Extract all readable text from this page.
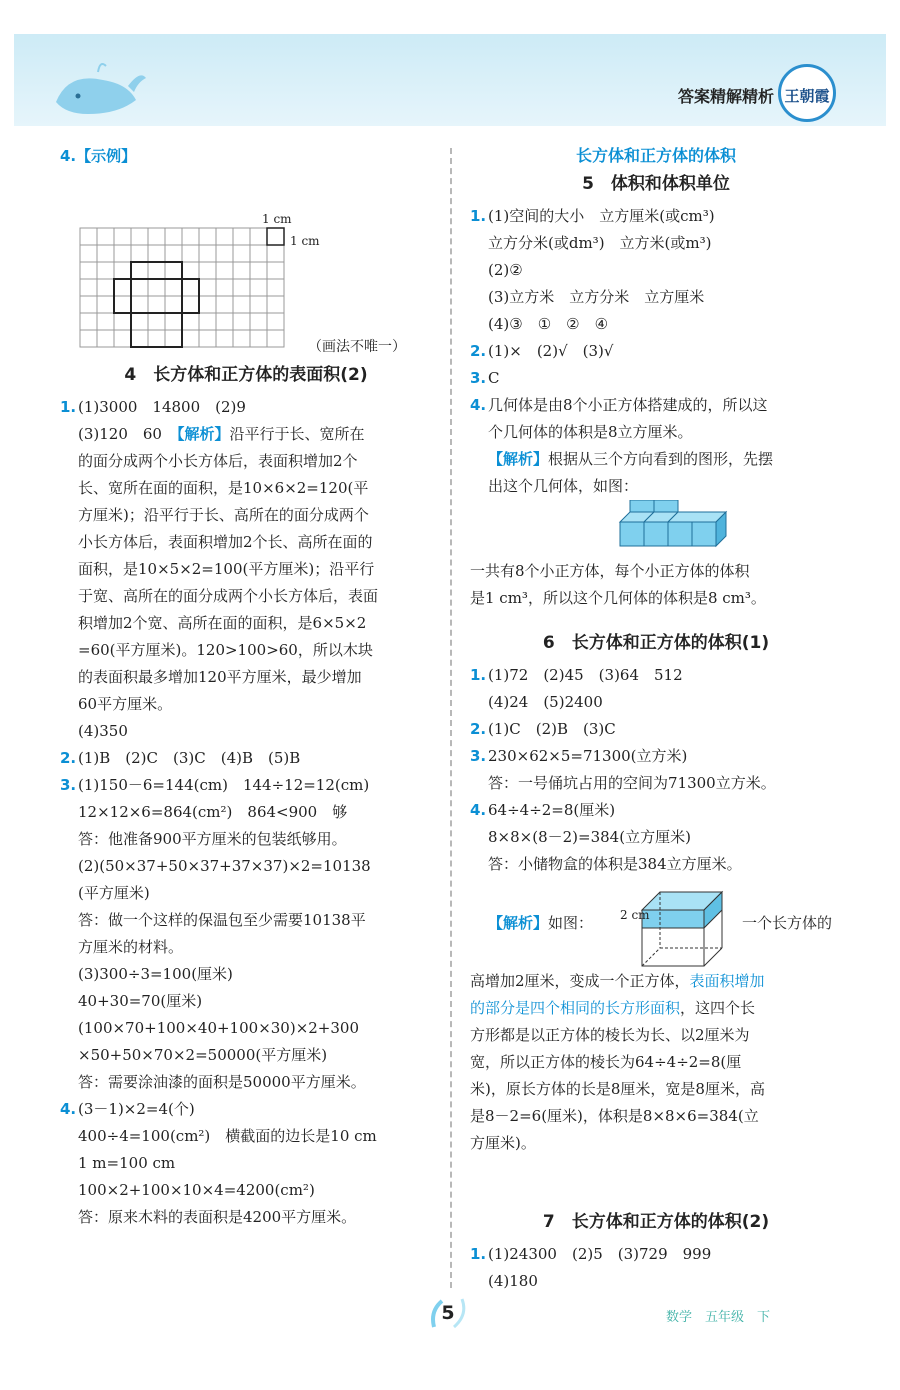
答案精解精析 王朝霞
4.【示例】
1 cm
1 cm
（画法不唯一）
4　长方体和正方体的表面积(2)
1. (1)3000　14800　(2)9
(3)120　60　 【解析】沿平行于长、宽所在
的面分成两个小长方体后，表面积增加2个
长、宽所在面的面积，是10×6×2=120(平
方厘米)；沿平行于长、高所在的面分成两个
小长方体后，表面积增加2个长、高所在面的
面积，是10×5×2=100(平方厘米)；沿平行
于宽、高所在的面分成两个小长方体后，表面
积增加2个宽、高所在面的面积，是6×5×2
=60(平方厘米)。120>100>60，所以木块
的表面积最多增加120平方厘米，最少增加
60平方厘米。
(4)350
2. (1)B　(2)C　(3)C　(4)B　(5)B
3. (1)150－6=144(cm)　144÷12=12(cm)
12×12×6=864(cm²)　864<900　够
答：他准备900平方厘米的包装纸够用。
(2)(50×37+50×37+37×37)×2=10138
(平方厘米)
答：做一个这样的保温包至少需要10138平
方厘米的材料。
(3)300÷3=100(厘米)
40+30=70(厘米)
(100×70+100×40+100×30)×2+300
×50+50×70×2=50000(平方厘米)
答：需要涂油漆的面积是50000平方厘米。
4. (3－1)×2=4(个)
400÷4=100(cm²)　横截面的边长是10 cm
1 m=100 cm
100×2+100×10×4=4200(cm²)
答：原来木料的表面积是4200平方厘米。
长方体和正方体的体积
5　体积和体积单位
1. (1)空间的大小　立方厘米(或cm³)
立方分米(或dm³)　立方米(或m³)
(2)②
(3)立方米　立方分米　立方厘米
(4)③　①　②　④
2. (1)×　(2)√　(3)√
3. C
4. 几何体是由8个小正方体搭建成的，所以这
个几何体的体积是8立方厘米。
【解析】根据从三个方向看到的图形，先摆
出这个几何体，如图：
一共有8个小正方体，每个小正方体的体积
是1 cm³，所以这个几何体的体积是8 cm³。
6　长方体和正方体的体积(1)
1. (1)72　(2)45　(3)64　512
(4)24　(5)2400
2. (1)C　(2)B　(3)C
3. 230×62×5=71300(立方米)
答：一号俑坑占用的空间为71300立方米。
4. 64÷4÷2=8(厘米)
8×8×(8－2)=384(立方厘米)
答：小储物盒的体积是384立方厘米。
【解析】如图： 2 cm	一个长方体的
高增加2厘米，变成一个正方体，表面积增加
的部分是四个相同的长方形面积，这四个长
方形都是以正方体的棱长为长、以2厘米为
宽，所以正方体的棱长为64÷4÷2=8(厘
米)，原长方体的长是8厘米，宽是8厘米，高
是8－2=6(厘米)，体积是8×8×6=384(立
方厘米)。
7　长方体和正方体的体积(2)
1. (1)24300　(2)5　(3)729　999
(4)180
5	数学　五年级　下
